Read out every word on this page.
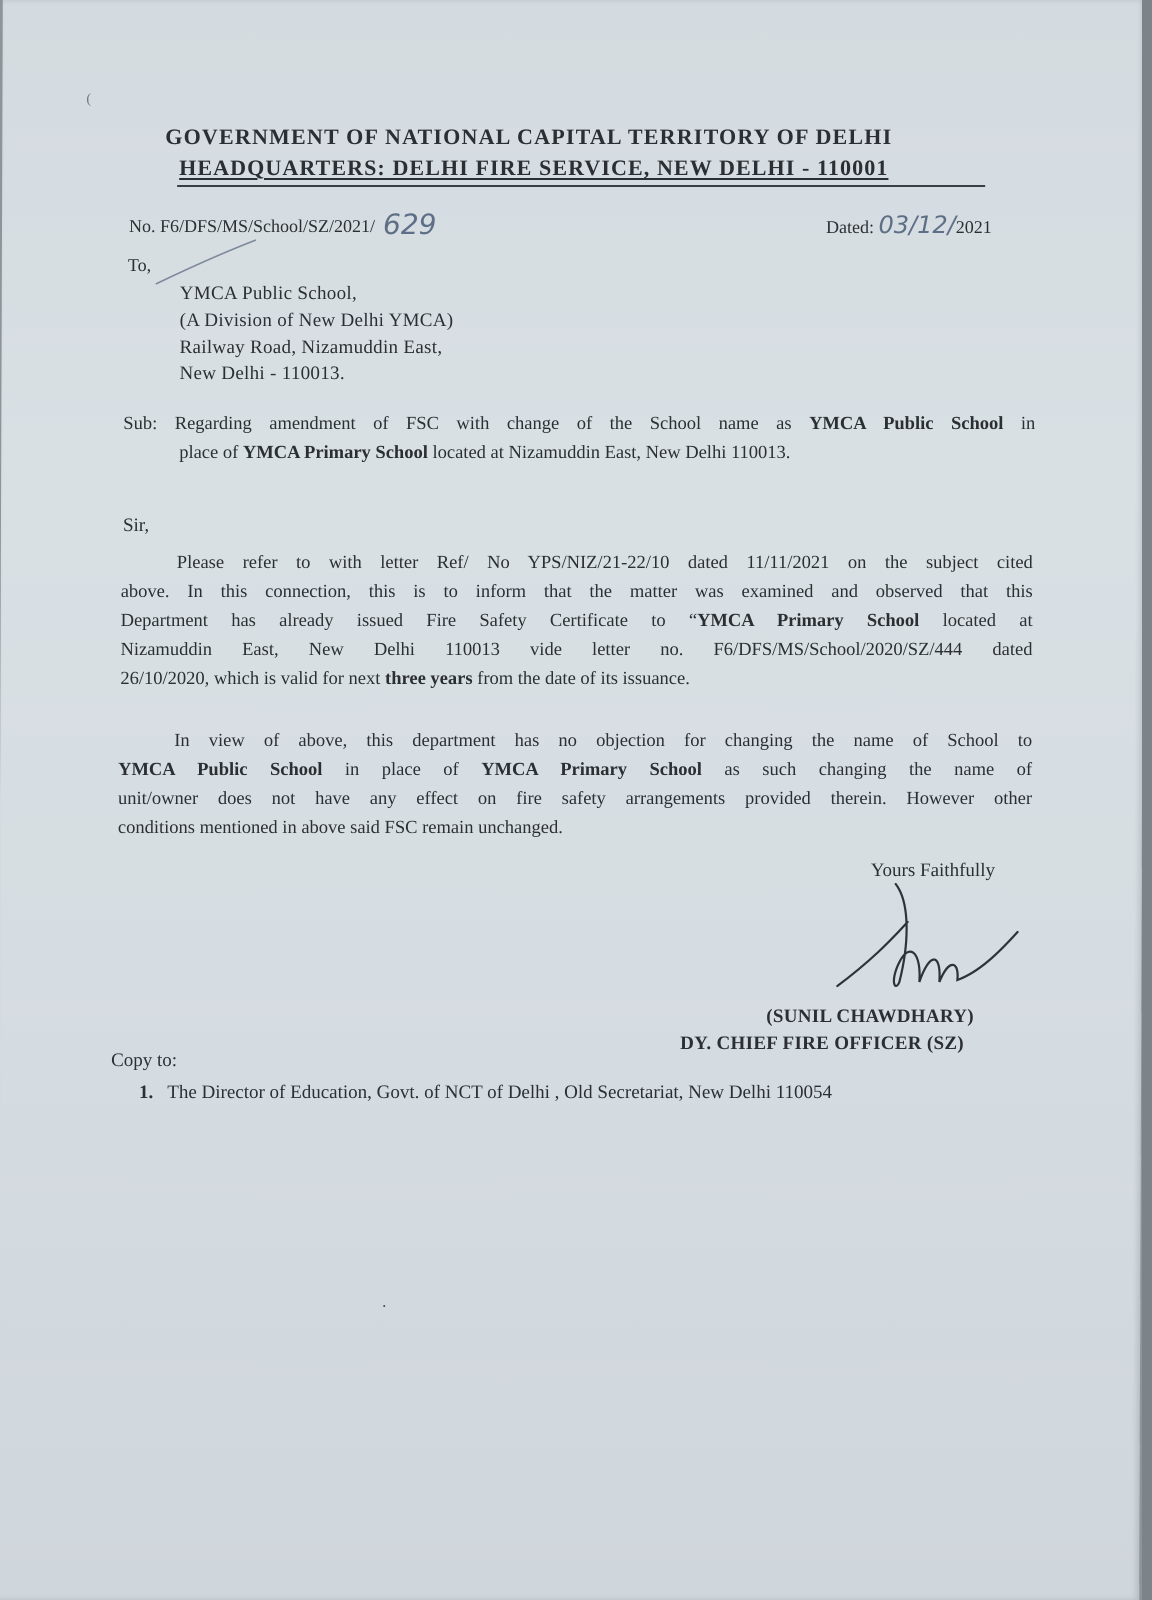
(
GOVERNMENT OF NATIONAL CAPITAL TERRITORY OF DELHI
HEADQUARTERS: DELHI FIRE SERVICE, NEW DELHI - 110001
No. F6/DFS/MS/School/SZ/2021/ 629	Dated: 03/12/2021
To,
YMCA Public School,
(A Division of New Delhi YMCA)
Railway Road, Nizamuddin East,
New Delhi - 110013.
Sub: Regarding amendment of FSC with change of the School name as YMCA Public School in
place of YMCA Primary School located at Nizamuddin East, New Delhi 110013.
Sir,
Please refer to with letter Ref/ No YPS/NIZ/21-22/10 dated 11/11/2021 on the subject cited
above. In this connection, this is to inform that the matter was examined and observed that this
Department has already issued Fire Safety Certificate to “YMCA Primary School located at
Nizamuddin East, New Delhi 110013 vide letter no. F6/DFS/MS/School/2020/SZ/444 dated
26/10/2020, which is valid for next three years from the date of its issuance.
In view of above, this department has no objection for changing the name of School to
YMCA Public School in place of YMCA Primary School as such changing the name of
unit/owner does not have any effect on fire safety arrangements provided therein. However other
conditions mentioned in above said FSC remain unchanged.
Yours Faithfully
(SUNIL CHAWDHARY)
DY. CHIEF FIRE OFFICER (SZ)
Copy to:
1. The Director of Education, Govt. of NCT of Delhi , Old Secretariat, New Delhi 110054
